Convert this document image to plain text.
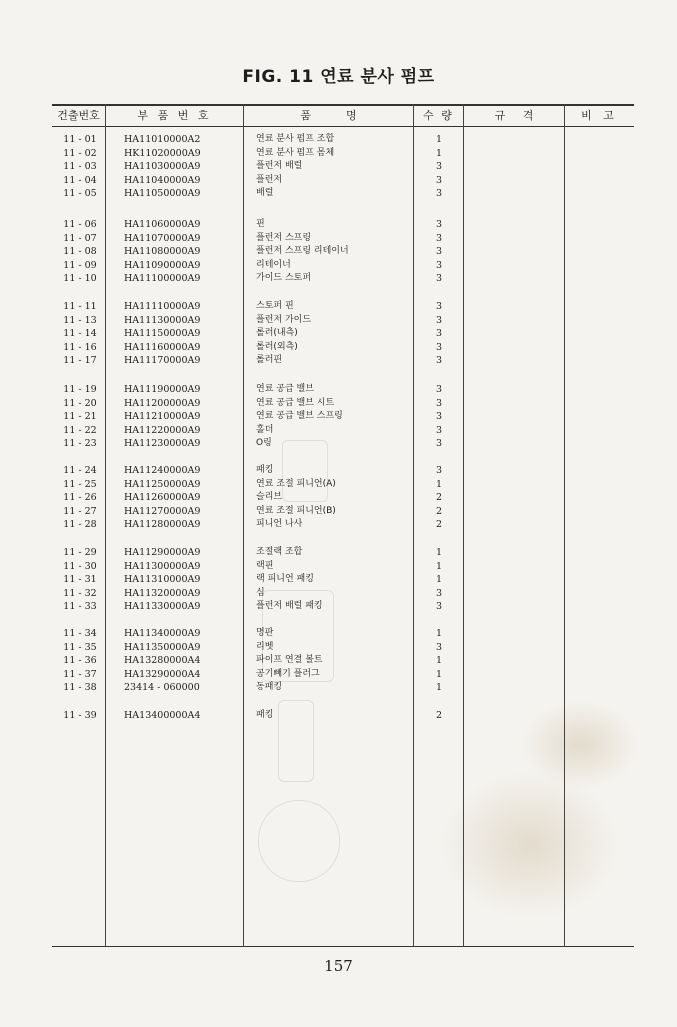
FIG. 11 연료 분사 펌프
건출번호	부 품 번 호	품          명	수 량	규     격	비 고
11 - 01	HA11010000A2	연료 분사 펌프 조합	1
11 - 02	HK11020000A9	연료 분사 펌프 몸체	1
11 - 03	HA11030000A9	플런저 배럴	3
11 - 04	HA11040000A9	플런저	3
11 - 05	HA11050000A9	배럴	3
11 - 06	HA11060000A9	핀	3
11 - 07	HA11070000A9	플런저 스프링	3
11 - 08	HA11080000A9	플런저 스프링 리테이너	3
11 - 09	HA11090000A9	리테이너	3
11 - 10	HA11100000A9	가이드 스토퍼	3
11 - 11	HA11110000A9	스토퍼 핀	3
11 - 13	HA11130000A9	플런저 가이드	3
11 - 14	HA11150000A9	롤러(내측)	3
11 - 16	HA11160000A9	롤러(외측)	3
11 - 17	HA11170000A9	롤러핀	3
11 - 19	HA11190000A9	연료 공급 밸브	3
11 - 20	HA11200000A9	연료 공급 밸브 시트	3
11 - 21	HA11210000A9	연료 공급 밸브 스프링	3
11 - 22	HA11220000A9	홀더	3
11 - 23	HA11230000A9	O링	3
11 - 24	HA11240000A9	패킹	3
11 - 25	HA11250000A9	연료 조절 피니언(A)	1
11 - 26	HA11260000A9	슬리브	2
11 - 27	HA11270000A9	연료 조절 피니언(B)	2
11 - 28	HA11280000A9	피니언 나사	2
11 - 29	HA11290000A9	조절랙 조합	1
11 - 30	HA11300000A9	랙핀	1
11 - 31	HA11310000A9	랙 피니언 패킹	1
11 - 32	HA11320000A9	심	3
11 - 33	HA11330000A9	플런저 배럴 패킹	3
11 - 34	HA11340000A9	명판	1
11 - 35	HA11350000A9	리벳	3
11 - 36	HA13280000A4	파이프 연결 볼트	1
11 - 37	HA13290000A4	공기빼기 플러그	1
11 - 38	23414 - 060000	동패킹	1
11 - 39	HA13400000A4	패킹	2
157
